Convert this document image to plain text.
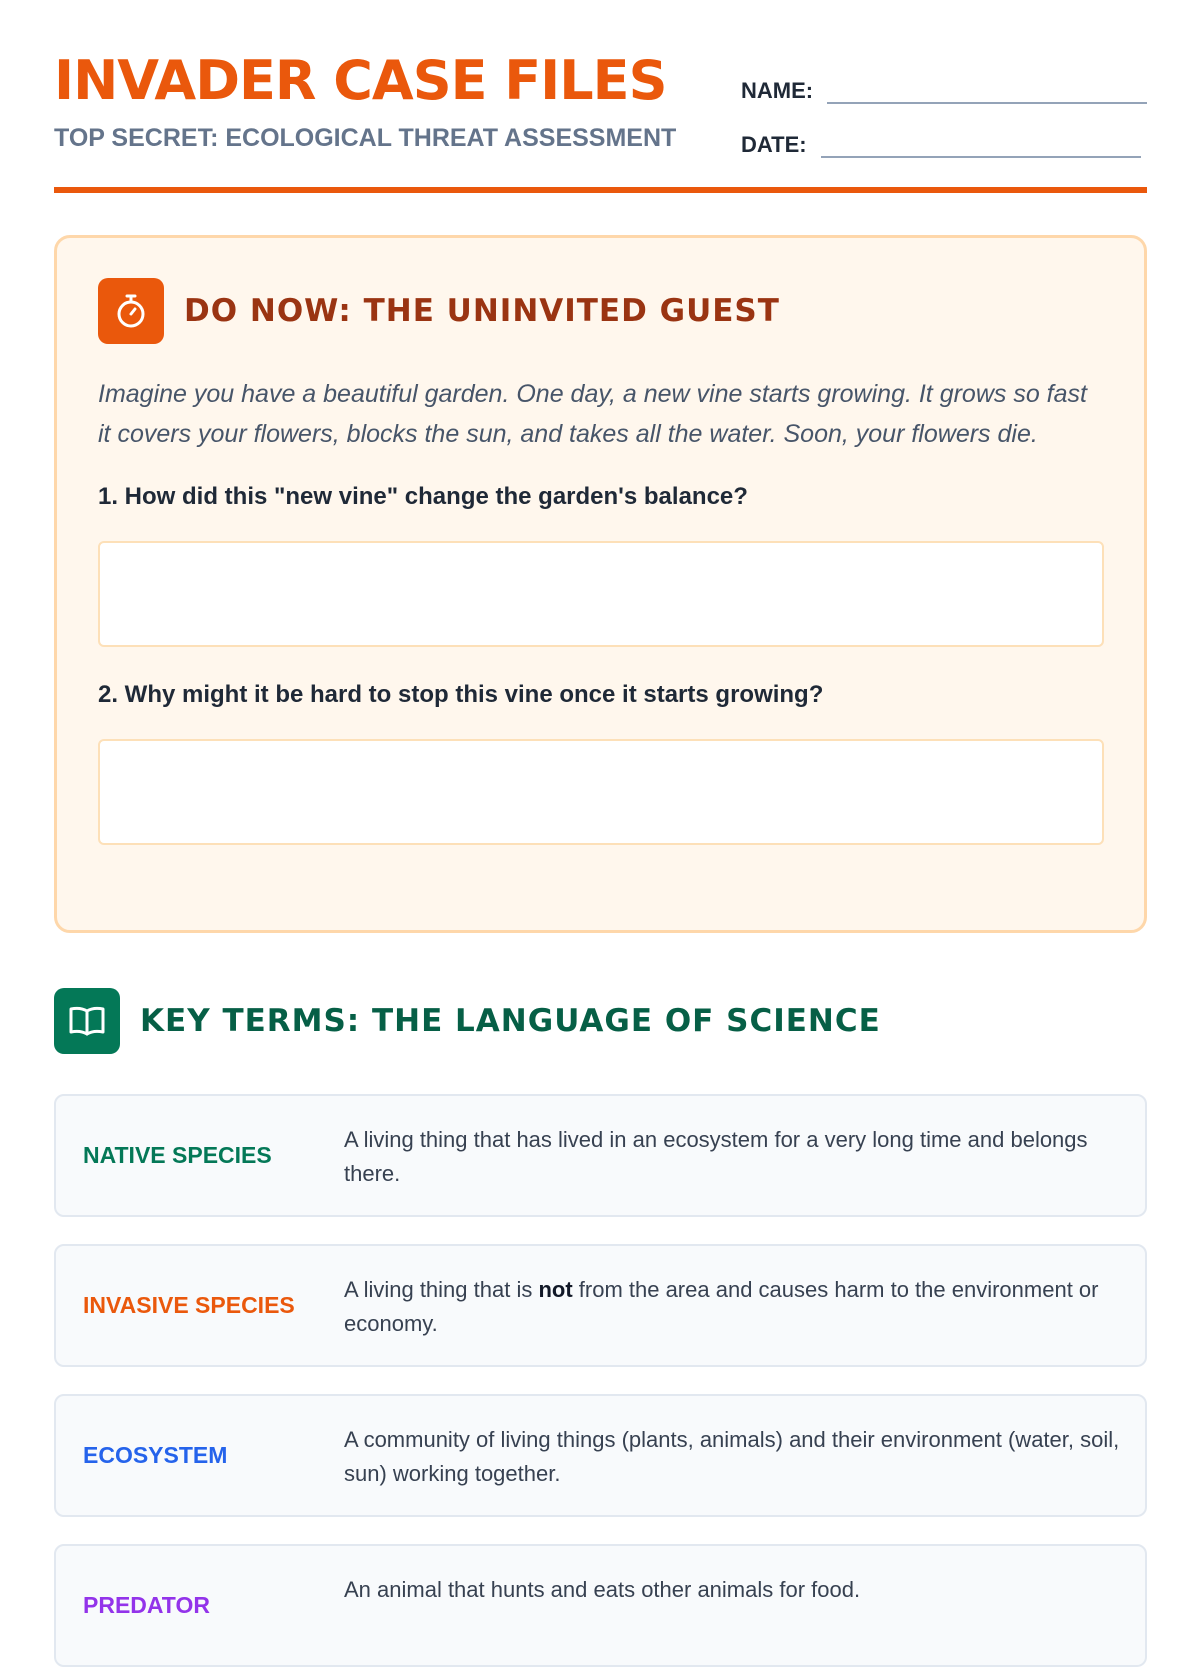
INVADER CASE FILES
TOP SECRET: ECOLOGICAL THREAT ASSESSMENT
NAME:
DATE:
DO NOW: THE UNINVITED GUEST

Imagine you have a beautiful garden. One day, a new vine starts growing. It grows so fast it covers your flowers, blocks the sun, and takes all the water. Soon, your flowers die.

1. How did this "new vine" change the garden's balance?

2. Why might it be hard to stop this vine once it starts growing?

KEY TERMS: THE LANGUAGE OF SCIENCE
NATIVE SPECIES
A living thing that has lived in an ecosystem for a very long time and belongs there.
INVASIVE SPECIES
A living thing that is not from the area and causes harm to the environment or economy.
ECOSYSTEM
A community of living things (plants, animals) and their environment (water, soil, sun) working together.
PREDATOR
An animal that hunts and eats other animals for food.
